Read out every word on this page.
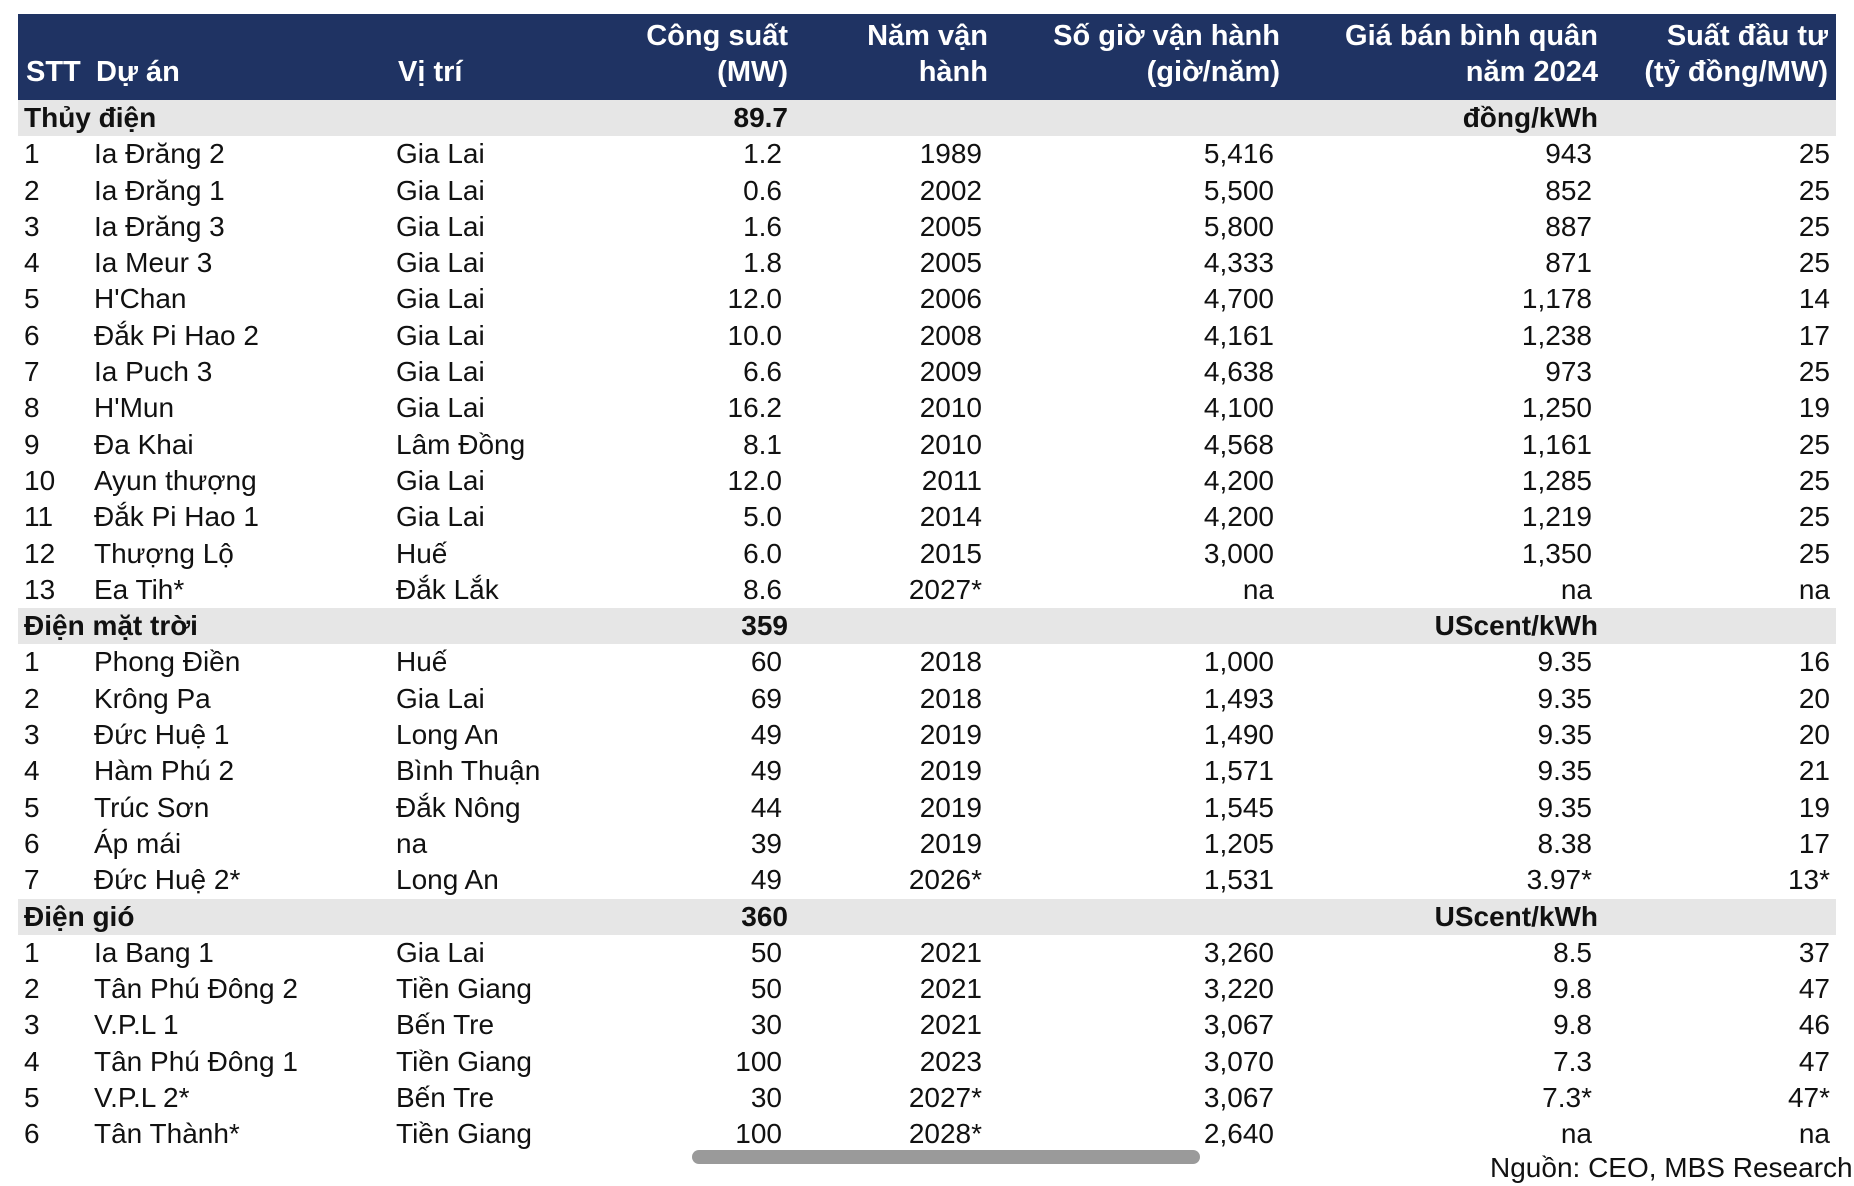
			Công suất	Năm vận	Số giờ vận hành	Giá bán bình quân	Suất đầu tư
STT	Dự án	Vị trí	(MW)	hành	(giờ/năm)	năm 2024	(tỷ đồng/MW)
Thủy điện			89.7			đồng/kWh	
1	Ia Đrăng 2	Gia Lai	1.2	1989	5,416	943	25
2	Ia Đrăng 1	Gia Lai	0.6	2002	5,500	852	25
3	Ia Đrăng 3	Gia Lai	1.6	2005	5,800	887	25
4	Ia Meur 3	Gia Lai	1.8	2005	4,333	871	25
5	H'Chan	Gia Lai	12.0	2006	4,700	1,178	14
6	Đắk Pi Hao 2	Gia Lai	10.0	2008	4,161	1,238	17
7	Ia Puch 3	Gia Lai	6.6	2009	4,638	973	25
8	H'Mun	Gia Lai	16.2	2010	4,100	1,250	19
9	Đa Khai	Lâm Đồng	8.1	2010	4,568	1,161	25
10	Ayun thượng	Gia Lai	12.0	2011	4,200	1,285	25
11	Đắk Pi Hao 1	Gia Lai	5.0	2014	4,200	1,219	25
12	Thượng Lộ	Huế	6.0	2015	3,000	1,350	25
13	Ea Tih*	Đắk Lắk	8.6	2027*	na	na	na
Điện mặt trời			359			UScent/kWh	
1	Phong Điền	Huế	60	2018	1,000	9.35	16
2	Krông Pa	Gia Lai	69	2018	1,493	9.35	20
3	Đức Huệ 1	Long An	49	2019	1,490	9.35	20
4	Hàm Phú 2	Bình Thuận	49	2019	1,571	9.35	21
5	Trúc Sơn	Đắk Nông	44	2019	1,545	9.35	19
6	Áp mái	na	39	2019	1,205	8.38	17
7	Đức Huệ 2*	Long An	49	2026*	1,531	3.97*	13*
Điện gió			360			UScent/kWh	
1	Ia Bang 1	Gia Lai	50	2021	3,260	8.5	37
2	Tân Phú Đông 2	Tiền Giang	50	2021	3,220	9.8	47
3	V.P.L 1	Bến Tre	30	2021	3,067	9.8	46
4	Tân Phú Đông 1	Tiền Giang	100	2023	3,070	7.3	47
5	V.P.L 2*	Bến Tre	30	2027*	3,067	7.3*	47*
6	Tân Thành*	Tiền Giang	100	2028*	2,640	na	na
Nguồn: CEO, MBS Research
